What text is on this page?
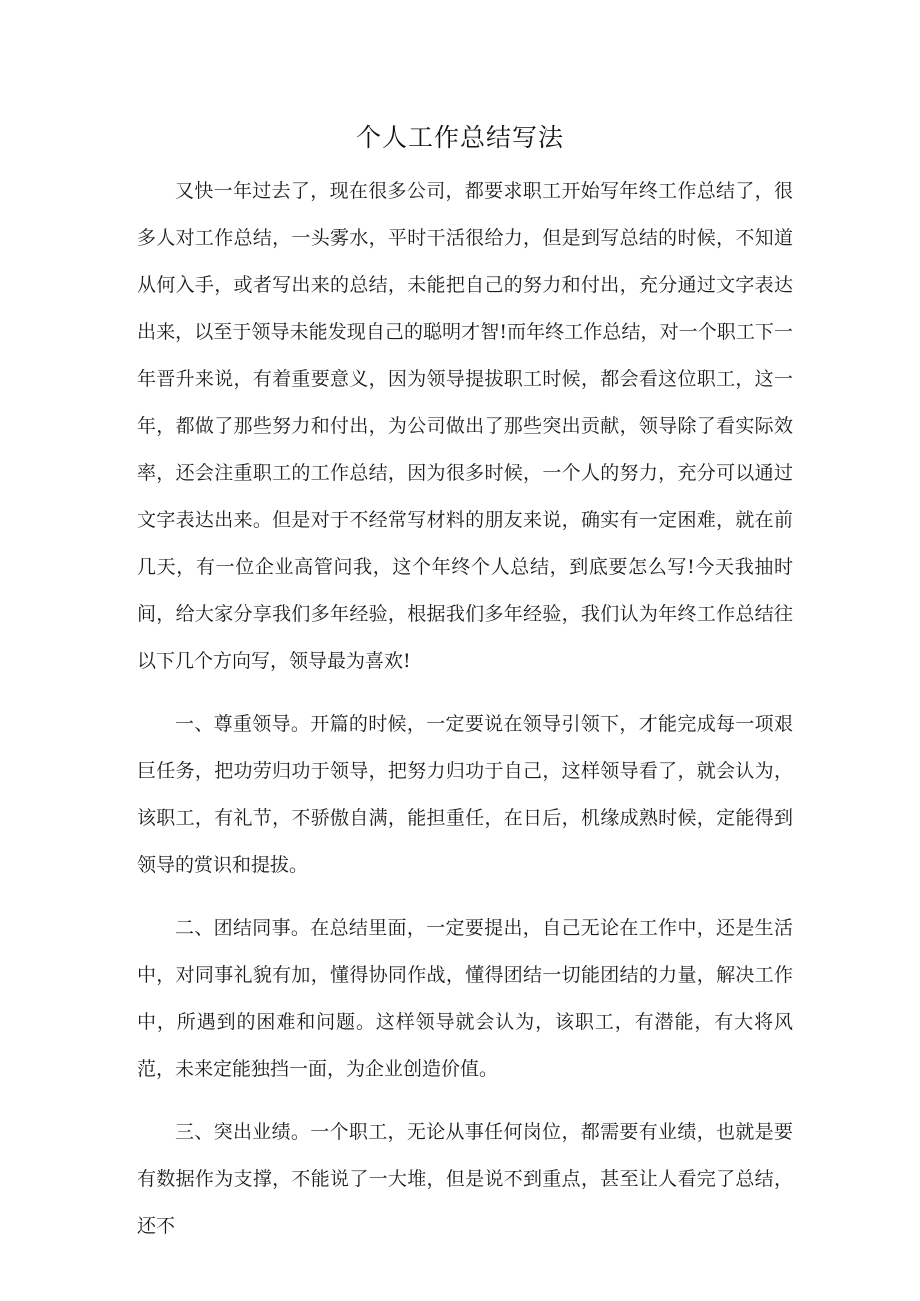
个人工作总结写法

又快一年过去了，现在很多公司，都要求职工开始写年终工作总结了，很多人对工作总结，一头雾水，平时干活很给力，但是到写总结的时候，不知道从何入手，或者写出来的总结，未能把自己的努力和付出，充分通过文字表达出来，以至于领导未能发现自己的聪明才智!而年终工作总结，对一个职工下一年晋升来说，有着重要意义，因为领导提拔职工时候，都会看这位职工，这一年，都做了那些努力和付出，为公司做出了那些突出贡献，领导除了看实际效率，还会注重职工的工作总结，因为很多时候，一个人的努力，充分可以通过文字表达出来。但是对于不经常写材料的朋友来说，确实有一定困难，就在前几天，有一位企业高管问我，这个年终个人总结，到底要怎么写!今天我抽时间，给大家分享我们多年经验，根据我们多年经验，我们认为年终工作总结往以下几个方向写，领导最为喜欢!

一、尊重领导。开篇的时候，一定要说在领导引领下，才能完成每一项艰巨任务，把功劳归功于领导，把努力归功于自己，这样领导看了，就会认为，该职工，有礼节，不骄傲自满，能担重任，在日后，机缘成熟时候，定能得到领导的赏识和提拔。

二、团结同事。在总结里面，一定要提出，自己无论在工作中，还是生活中，对同事礼貌有加，懂得协同作战，懂得团结一切能团结的力量，解决工作中，所遇到的困难和问题。这样领导就会认为，该职工，有潜能，有大将风范，未来定能独挡一面，为企业创造价值。

三、突出业绩。一个职工，无论从事任何岗位，都需要有业绩，也就是要有数据作为支撑，不能说了一大堆，但是说不到重点，甚至让人看完了总结，还不
